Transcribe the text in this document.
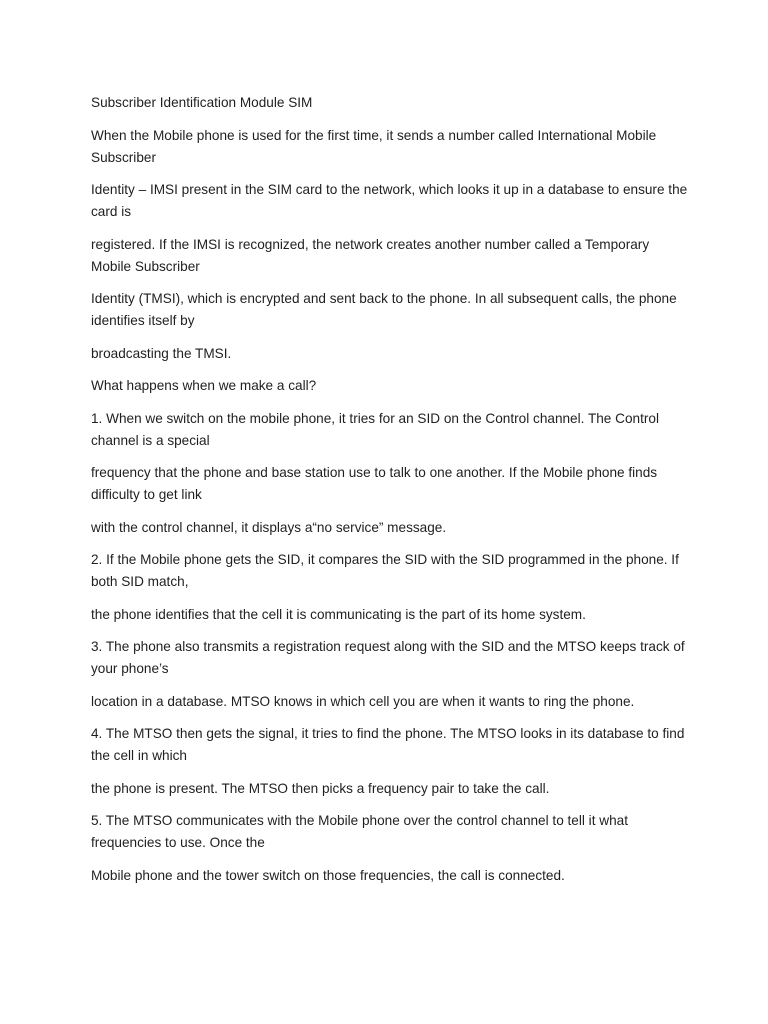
Subscriber Identification Module SIM

When the Mobile phone is used for the first time, it sends a number called International Mobile Subscriber

Identity – IMSI present in the SIM card to the network, which looks it up in a database to ensure the card is

registered. If the IMSI is recognized, the network creates another number called a Temporary Mobile Subscriber

Identity (TMSI), which is encrypted and sent back to the phone. In all subsequent calls, the phone identifies itself by

broadcasting the TMSI.

What happens when we make a call?

1. When we switch on the mobile phone, it tries for an SID on the Control channel. The Control channel is a special

frequency that the phone and base station use to talk to one another. If the Mobile phone finds difficulty to get link

with the control channel, it displays a“no service” message.

2. If the Mobile phone gets the SID, it compares the SID with the SID programmed in the phone. If both SID match,

the phone identifies that the cell it is communicating is the part of its home system.

3. The phone also transmits a registration request along with the SID and the MTSO keeps track of your phone’s

location in a database. MTSO knows in which cell you are when it wants to ring the phone.

4. The MTSO then gets the signal, it tries to find the phone. The MTSO looks in its database to find the cell in which

the phone is present. The MTSO then picks a frequency pair to take the call.

5. The MTSO communicates with the Mobile phone over the control channel to tell it what frequencies to use. Once the

Mobile phone and the tower switch on those frequencies, the call is connected.
